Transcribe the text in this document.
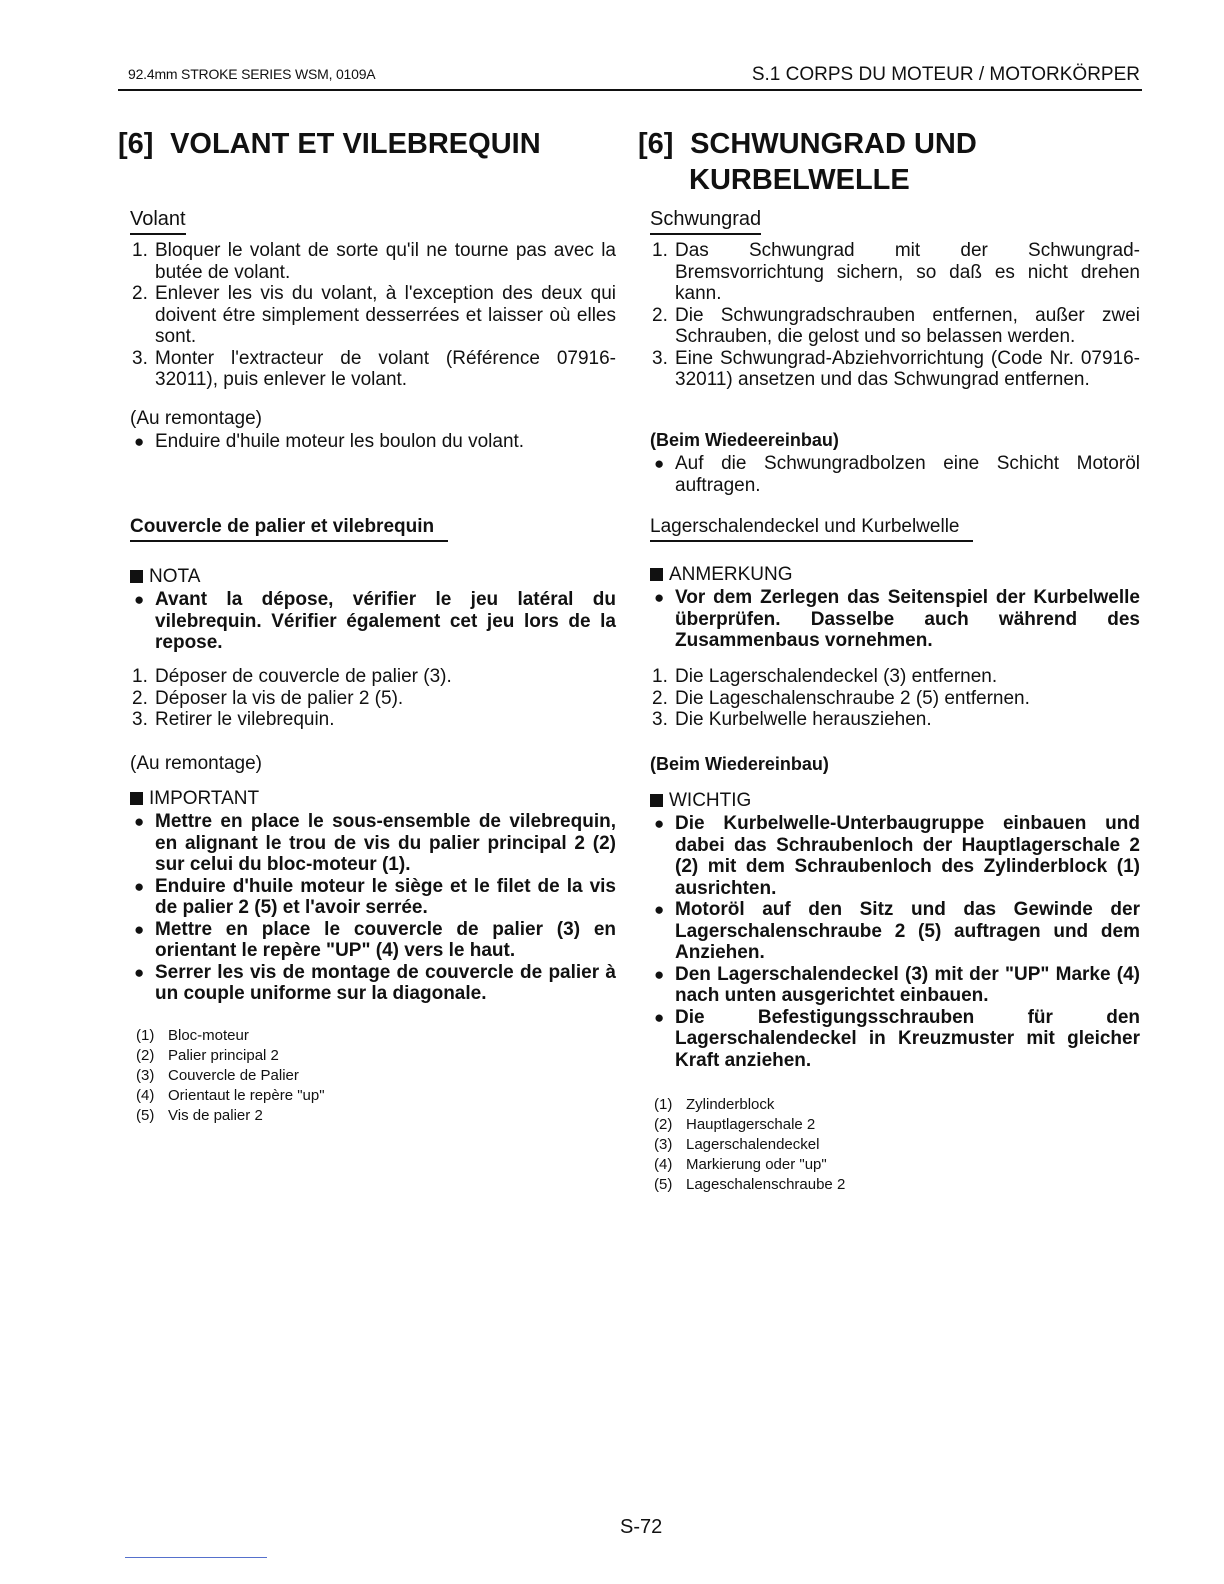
92.4mm STROKE SERIES WSM, 0109A	S.1 CORPS DU MOTEUR / MOTORKÖRPER
[6] VOLANT ET VILEBREQUIN
Volant
1. Bloquer le volant de sorte qu'il ne tourne pas avec la butée de volant.
2. Enlever les vis du volant, à l'exception des deux qui doivent étre simplement desserrées et laisser où elles sont.
3. Monter l'extracteur de volant (Référence 07916-32011), puis enlever le volant.
(Au remontage)
● Enduire d'huile moteur les boulon du volant.
Couvercle de palier et vilebrequin
NOTA
● Avant la dépose, vérifier le jeu latéral du vilebrequin. Vérifier également cet jeu lors de la repose.
1. Déposer de couvercle de palier (3).
2. Déposer la vis de palier 2 (5).
3. Retirer le vilebrequin.
(Au remontage)
IMPORTANT
● Mettre en place le sous-ensemble de vilebrequin, en alignant le trou de vis du palier principal 2 (2) sur celui du bloc-moteur (1).
● Enduire d'huile moteur le siège et le filet de la vis de palier 2 (5) et l'avoir serrée.
● Mettre en place le couvercle de palier (3) en orientant le repère "UP" (4) vers le haut.
● Serrer les vis de montage de couvercle de palier à un couple uniforme sur la diagonale.
(1) Bloc-moteur
(2) Palier principal 2
(3) Couvercle de Palier
(4) Orientaut le repère "up"
(5) Vis de palier 2
[6] SCHWUNGRAD UND
KURBELWELLE
Schwungrad
1. Das Schwungrad mit der Schwungrad-Bremsvorrichtung sichern, so daß es nicht drehen kann.
2. Die Schwungradschrauben entfernen, außer zwei Schrauben, die gelost und so belassen werden.
3. Eine Schwungrad-Abziehvorrichtung (Code Nr. 07916-32011) ansetzen und das Schwungrad entfernen.
(Beim Wiedeereinbau)
● Auf die Schwungradbolzen eine Schicht Motoröl auftragen.
Lagerschalendeckel und Kurbelwelle
ANMERKUNG
● Vor dem Zerlegen das Seitenspiel der Kurbelwelle überprüfen. Dasselbe auch während des Zusammenbaus vornehmen.
1. Die Lagerschalendeckel (3) entfernen.
2. Die Lageschalenschraube 2 (5) entfernen.
3. Die Kurbelwelle herausziehen.
(Beim Wiedereinbau)
WICHTIG
● Die Kurbelwelle-Unterbaugruppe einbauen und dabei das Schraubenloch der Hauptlagerschale 2 (2) mit dem Schraubenloch des Zylinderblock (1) ausrichten.
● Motoröl auf den Sitz und das Gewinde der Lagerschalenschraube 2 (5) auftragen und dem Anziehen.
● Den Lagerschalendeckel (3) mit der "UP" Marke (4) nach unten ausgerichtet einbauen.
● Die Befestigungsschrauben für den Lagerschalendeckel in Kreuzmuster mit gleicher Kraft anziehen.
(1) Zylinderblock
(2) Hauptlagerschale 2
(3) Lagerschalendeckel
(4) Markierung oder "up"
(5) Lageschalenschraube 2
S-72
